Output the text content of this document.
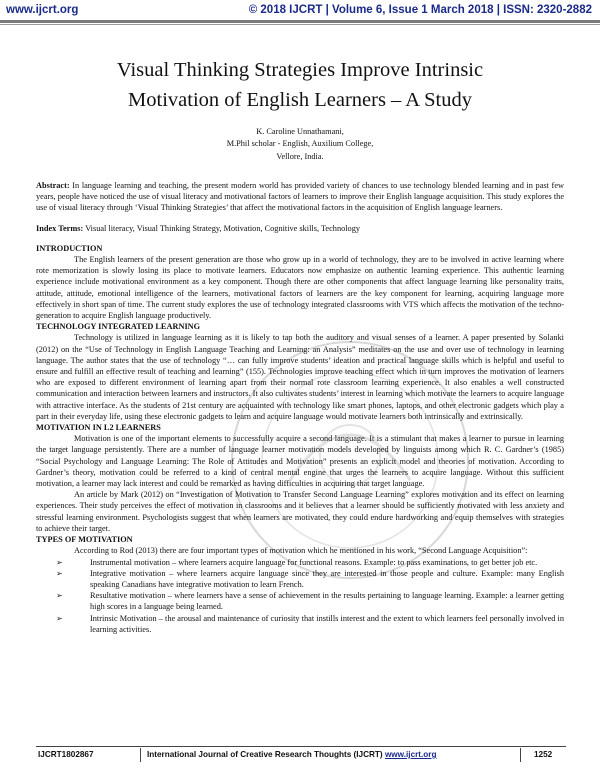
www.ijcrt.org	© 2018 IJCRT | Volume 6, Issue 1 March 2018 | ISSN: 2320-2882
Visual Thinking Strategies Improve Intrinsic
Motivation of English Learners – A Study
K. Caroline Unnathamani,
M.Phil scholar - English, Auxilium College,
Vellore, India.

Abstract: In language learning and teaching, the present modern world has provided variety of chances to use technology blended learning and in past few years, people have noticed the use of visual literacy and motivational factors of learners to improve their English language acquisition. This study explores the use of visual literacy through ‘Visual Thinking Strategies’ that affect the motivational factors in the acquisition of English language learners.

Index Terms: Visual literacy, Visual Thinking Strategy, Motivation, Cognitive skills, Technology

INTRODUCTION

The English learners of the present generation are those who grow up in a world of technology, they are to be involved in active learning where rote memorization is slowly losing its place to motivate learners. Educators now emphasize on authentic learning experience. This authentic learning experience include motivational environment as a key component. Though there are other components that affect language learning like personality traits, attitude, attitude, emotional intelligence of the learners, motivational factors of learners are the key component for learning, acquiring language more effectively in short span of time. The current study explores the use of technology integrated classrooms with VTS which affects the motivation of the techno-generation to acquire English language productively.

TECHNOLOGY INTEGRATED LEARNING

Technology is utilized in language learning as it is likely to tap both the auditory and visual senses of a learner. A paper presented by Solanki (2012) on the “Use of Technology in English Language Teaching and Learning: an Analysis” meditates on the use and over use of technology in learning language. The author states that the use of technology “… can fully improve students’ ideation and practical language skills which is helpful and useful to ensure and fulfill an effective result of teaching and learning” (155). Technologies improve teaching effect which in turn improves the motivation of learners who are exposed to different environment of learning apart from their normal rote classroom learning experience. It also enables a well constructed communication and interaction between learners and instructors. It also cultivates students’ interest in learning which motivate the learners to acquire language with attractive interface. As the students of 21st century are acquainted with technology like smart phones, laptops, and other electronic gadgets which play a part in their everyday life, using these electronic gadgets to learn and acquire language would motivate learners both intrinsically and extrinsically.

MOTIVATION IN L2 LEARNERS

Motivation is one of the important elements to successfully acquire a second language. It is a stimulant that makes a learner to pursue in learning the target language persistently. There are a number of language learner motivation models developed by linguists among which R. C. Gardner’s (1985) “Social Psychology and Language Learning: The Role of Attitudes and Motivation” presents an explicit model and theories of motivation. According to Gardner’s theory, motivation could be referred to a kind of central mental engine that urges the learners to acquire language. Without this sufficient motivation, a learner may lack interest and could be remarked as having difficulties in acquiring that target language.

An article by Mark (2012) on “Investigation of Motivation to Transfer Second Language Learning” explores motivation and its effect on learning experiences. Their study perceives the effect of motivation in classrooms and it believes that a learner should be sufficiently motivated with less anxiety and stressful learning environment. Psychologists suggest that when learners are motivated, they could endure hardworking and equip themselves with strategies to achieve their target.

TYPES OF MOTIVATION

According to Rod (2013) there are four important types of motivation which he mentioned in his work, “Second Language Acquisition”:

➢	Instrumental motivation – where learners acquire language for functional reasons. Example: to pass examinations, to get better job etc.
➢	Integrative motivation – where learners acquire language since they are interested in those people and culture. Example: many English speaking Canadians have integrative motivation to learn French.
➢	Resultative motivation – where learners have a sense of achievement in the results pertaining to language learning. Example: a learner getting high scores in a language being learned.
➢	Intrinsic Motivation – the arousal and maintenance of curiosity that instills interest and the extent to which learners feel personally involved in learning activities.
IJCRT1802867	International Journal of Creative Research Thoughts (IJCRT) www.ijcrt.org	1252
